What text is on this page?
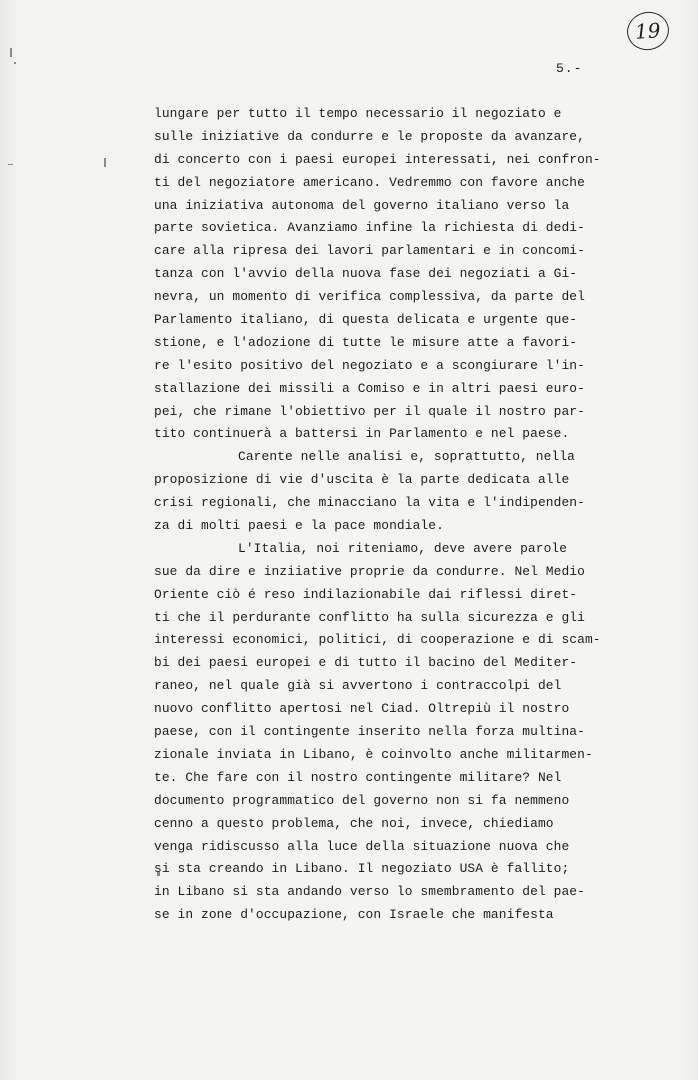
19
5.-
lungare per tutto il tempo necessario il negoziato e
sulle iniziative da condurre e le proposte da avanzare,
di concerto con i paesi europei interessati, nei confron-
ti del negoziatore americano. Vedremmo con favore anche
una iniziativa autonoma del governo italiano verso la
parte sovietica. Avanziamo infine la richiesta di dedi-
care alla ripresa dei lavori parlamentari e in concomi-
tanza con l'avvio della nuova fase dei negoziati a Gi-
nevra, un momento di verifica complessiva, da parte del
Parlamento italiano, di questa delicata e urgente que-
stione, e l'adozione di tutte le misure atte a favori-
re l'esito positivo del negoziato e a scongiurare l'in-
stallazione dei missili a Comiso e in altri paesi euro-
pei, che rimane l'obiettivo per il quale il nostro par-
tito continuerà a battersi in Parlamento e nel paese.
Carente nelle analisi e, soprattutto, nella
proposizione di vie d'uscita è la parte dedicata alle
crisi regionali, che minacciano la vita e l'indipenden-
za di molti paesi e la pace mondiale.
L'Italia, noi riteniamo, deve avere parole
sue da dire e inziiative proprie da condurre. Nel Medio
Oriente ciò é reso indilazionabile dai riflessi diret-
ti che il perdurante conflitto ha sulla sicurezza e gli
interessi economici, politici, di cooperazione e di scam-
bi dei paesi europei e di tutto il bacino del Mediter-
raneo, nel quale già si avvertono i contraccolpi del
nuovo conflitto apertosi nel Ciad. Oltrepiù il nostro
paese, con il contingente inserito nella forza multina-
zionale inviata in Libano, è coinvolto anche militarmen-
te. Che fare con il nostro contingente militare? Nel
documento programmatico del governo non si fa nemmeno
cenno a questo problema, che noi, invece, chiediamo
venga ridiscusso alla luce della situazione nuova che
si sta creando in Libano. Il negoziato USA è fallito;
in Libano si sta andando verso lo smembramento del pae-
se in zone d'occupazione, con Israele che manifesta
